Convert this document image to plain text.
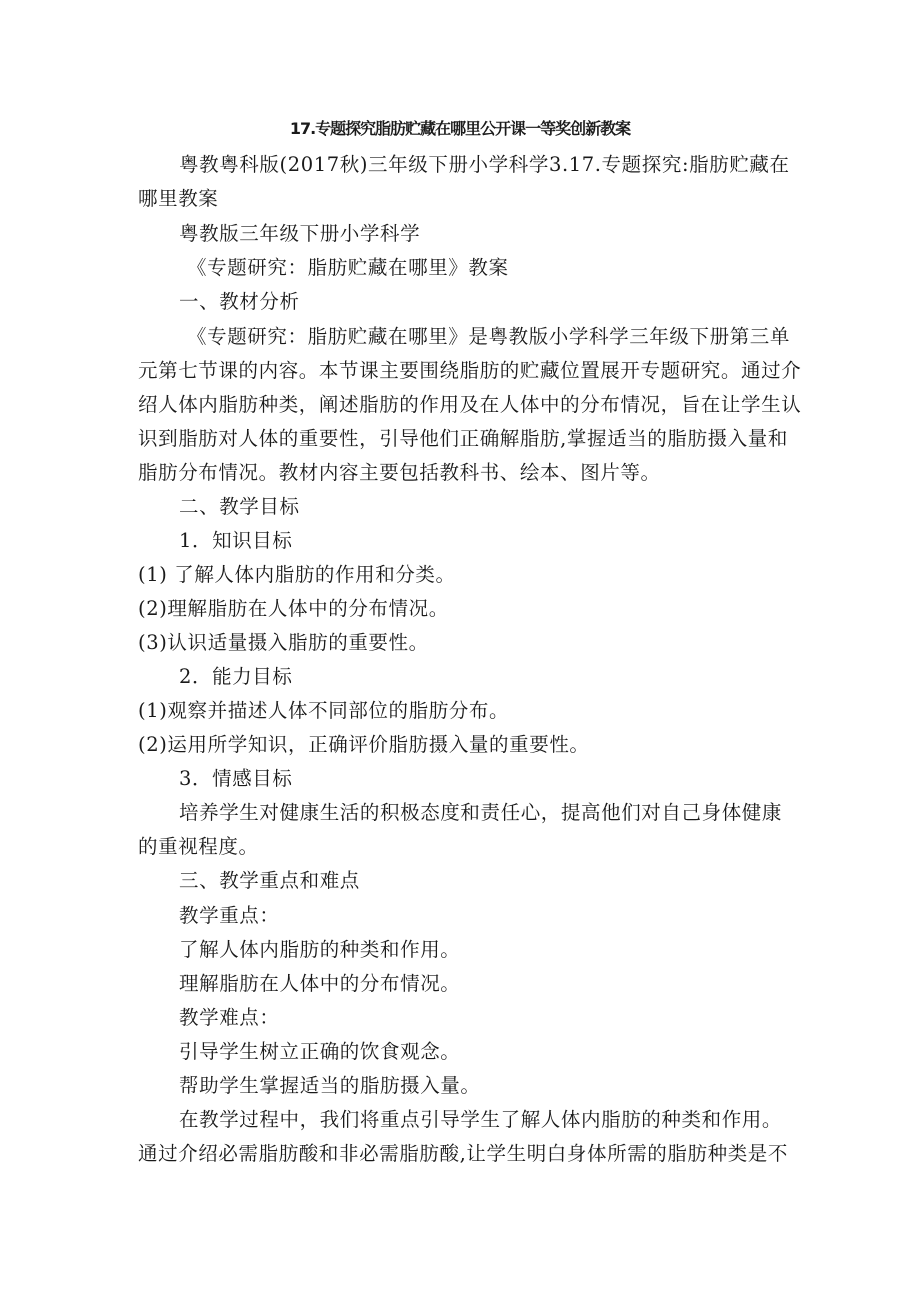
17.专题探究脂肪贮藏在哪里公开课一等奖创新教案
粤教粤科版(2017秋)三年级下册小学科学3.17.专题探究:脂肪贮藏在
哪里教案
粤教版三年级下册小学科学
《专题研究：脂肪贮藏在哪里》教案
一、教材分析
《专题研究：脂肪贮藏在哪里》是粤教版小学科学三年级下册第三单
元第七节课的内容。本节课主要围绕脂肪的贮藏位置展开专题研究。通过介
绍人体内脂肪种类，阐述脂肪的作用及在人体中的分布情况，旨在让学生认
识到脂肪对人体的重要性，引导他们正确解脂肪,掌握适当的脂肪摄入量和
脂肪分布情况。教材内容主要包括教科书、绘本、图片等。
二、教学目标
1．知识目标
(1) 了解人体内脂肪的作用和分类。
(2)理解脂肪在人体中的分布情况。
(3)认识适量摄入脂肪的重要性。
2．能力目标
(1)观察并描述人体不同部位的脂肪分布。
(2)运用所学知识，正确评价脂肪摄入量的重要性。
3．情感目标
培养学生对健康生活的积极态度和责任心，提高他们对自己身体健康
的重视程度。
三、教学重点和难点
教学重点：
了解人体内脂肪的种类和作用。
理解脂肪在人体中的分布情况。
教学难点：
引导学生树立正确的饮食观念。
帮助学生掌握适当的脂肪摄入量。
在教学过程中，我们将重点引导学生了解人体内脂肪的种类和作用。
通过介绍必需脂肪酸和非必需脂肪酸,让学生明白身体所需的脂肪种类是不
